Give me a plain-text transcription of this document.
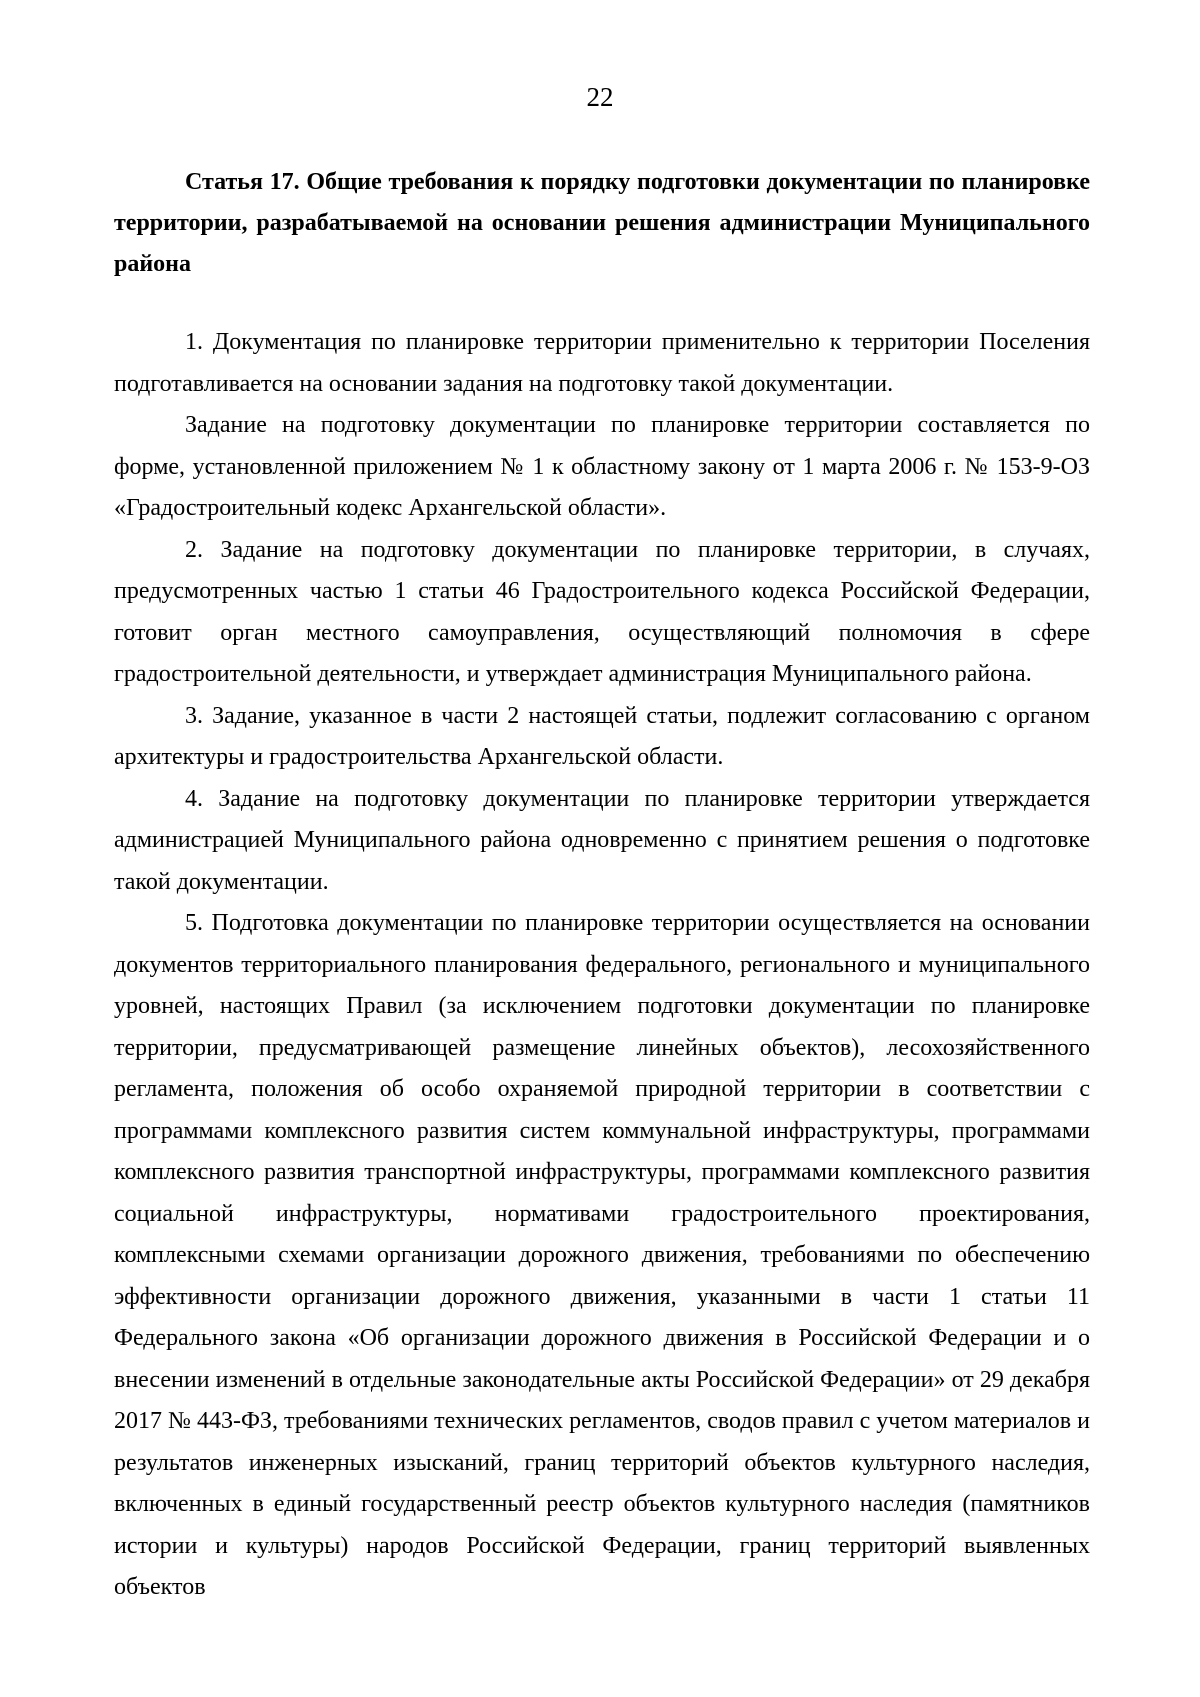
22

Статья 17. Общие требования к порядку подготовки документации по планировке территории, разрабатываемой на основании решения администрации Муниципального района

1. Документация по планировке территории применительно к территории Поселения подготавливается на основании задания на подготовку такой документации.

Задание на подготовку документации по планировке территории составляется по форме, установленной приложением № 1 к областному закону от 1 марта 2006 г. № 153-9-ОЗ «Градостроительный кодекс Архангельской области».

2. Задание на подготовку документации по планировке территории, в случаях, предусмотренных частью 1 статьи 46 Градостроительного кодекса Российской Федерации, готовит орган местного самоуправления, осуществляющий полномочия в сфере градостроительной деятельности, и утверждает администрация Муниципального района.

3. Задание, указанное в части 2 настоящей статьи, подлежит согласованию с органом архитектуры и градостроительства Архангельской области.

4. Задание на подготовку документации по планировке территории утверждается администрацией Муниципального района одновременно с принятием решения о подготовке такой документации.

5. Подготовка документации по планировке территории осуществляется на основании документов территориального планирования федерального, регионального и муниципального уровней, настоящих Правил (за исключением подготовки документации по планировке территории, предусматривающей размещение линейных объектов), лесохозяйственного регламента, положения об особо охраняемой природной территории в соответствии с программами комплексного развития систем коммунальной инфраструктуры, программами комплексного развития транспортной инфраструктуры, программами комплексного развития социальной инфраструктуры, нормативами градостроительного проектирования, комплексными схемами организации дорожного движения, требованиями по обеспечению эффективности организации дорожного движения, указанными в части 1 статьи 11 Федерального закона «Об организации дорожного движения в Российской Федерации и о внесении изменений в отдельные законодательные акты Российской Федерации» от 29 декабря 2017 № 443-ФЗ, требованиями технических регламентов, сводов правил с учетом материалов и результатов инженерных изысканий, границ территорий объектов культурного наследия, включенных в единый государственный реестр объектов культурного наследия (памятников истории и культуры) народов Российской Федерации, границ территорий выявленных объектов
